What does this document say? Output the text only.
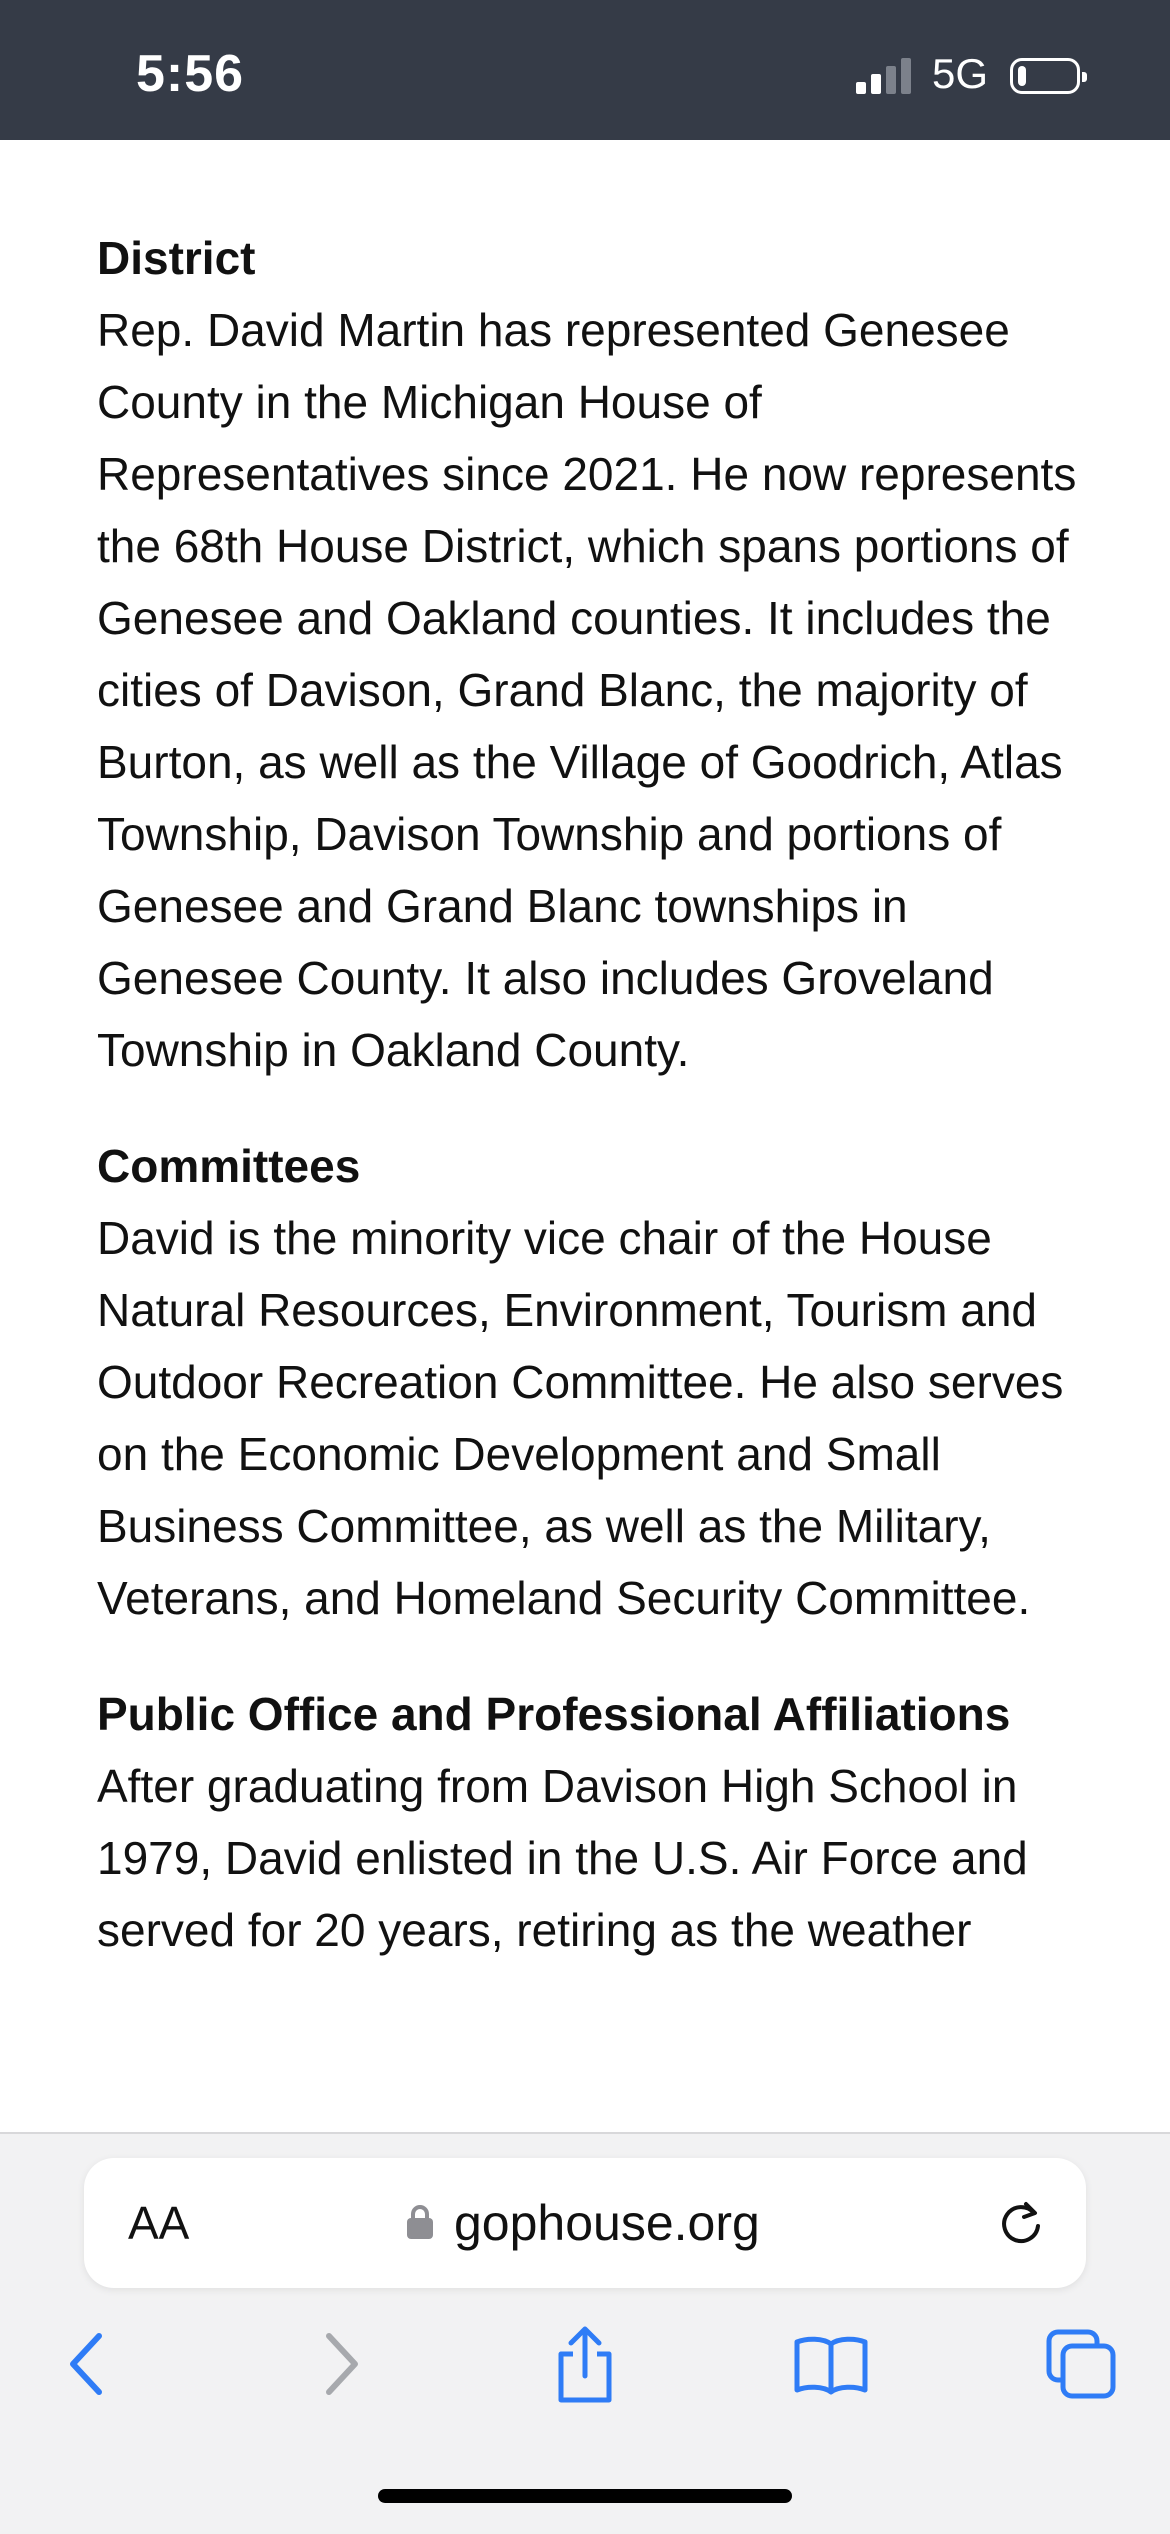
5:56	5G
District

Rep. David Martin has represented Genesee County in the Michigan House of Representatives since 2021. He now represents the 68th House District, which spans portions of Genesee and Oakland counties. It includes the cities of Davison, Grand Blanc, the majority of Burton, as well as the Village of Goodrich, Atlas Township, Davison Township and portions of Genesee and Grand Blanc townships in Genesee County. It also includes Groveland Township in Oakland County.

Committees

David is the minority vice chair of the House Natural Resources, Environment, Tourism and Outdoor Recreation Committee. He also serves on the Economic Development and Small Business Committee, as well as the Military, Veterans, and Homeland Security Committee.

Public Office and Professional Affiliations

After graduating from Davison High School in 1979, David enlisted in the U.S. Air Force and served for 20 years, retiring as the weather

AA	gophouse.org
